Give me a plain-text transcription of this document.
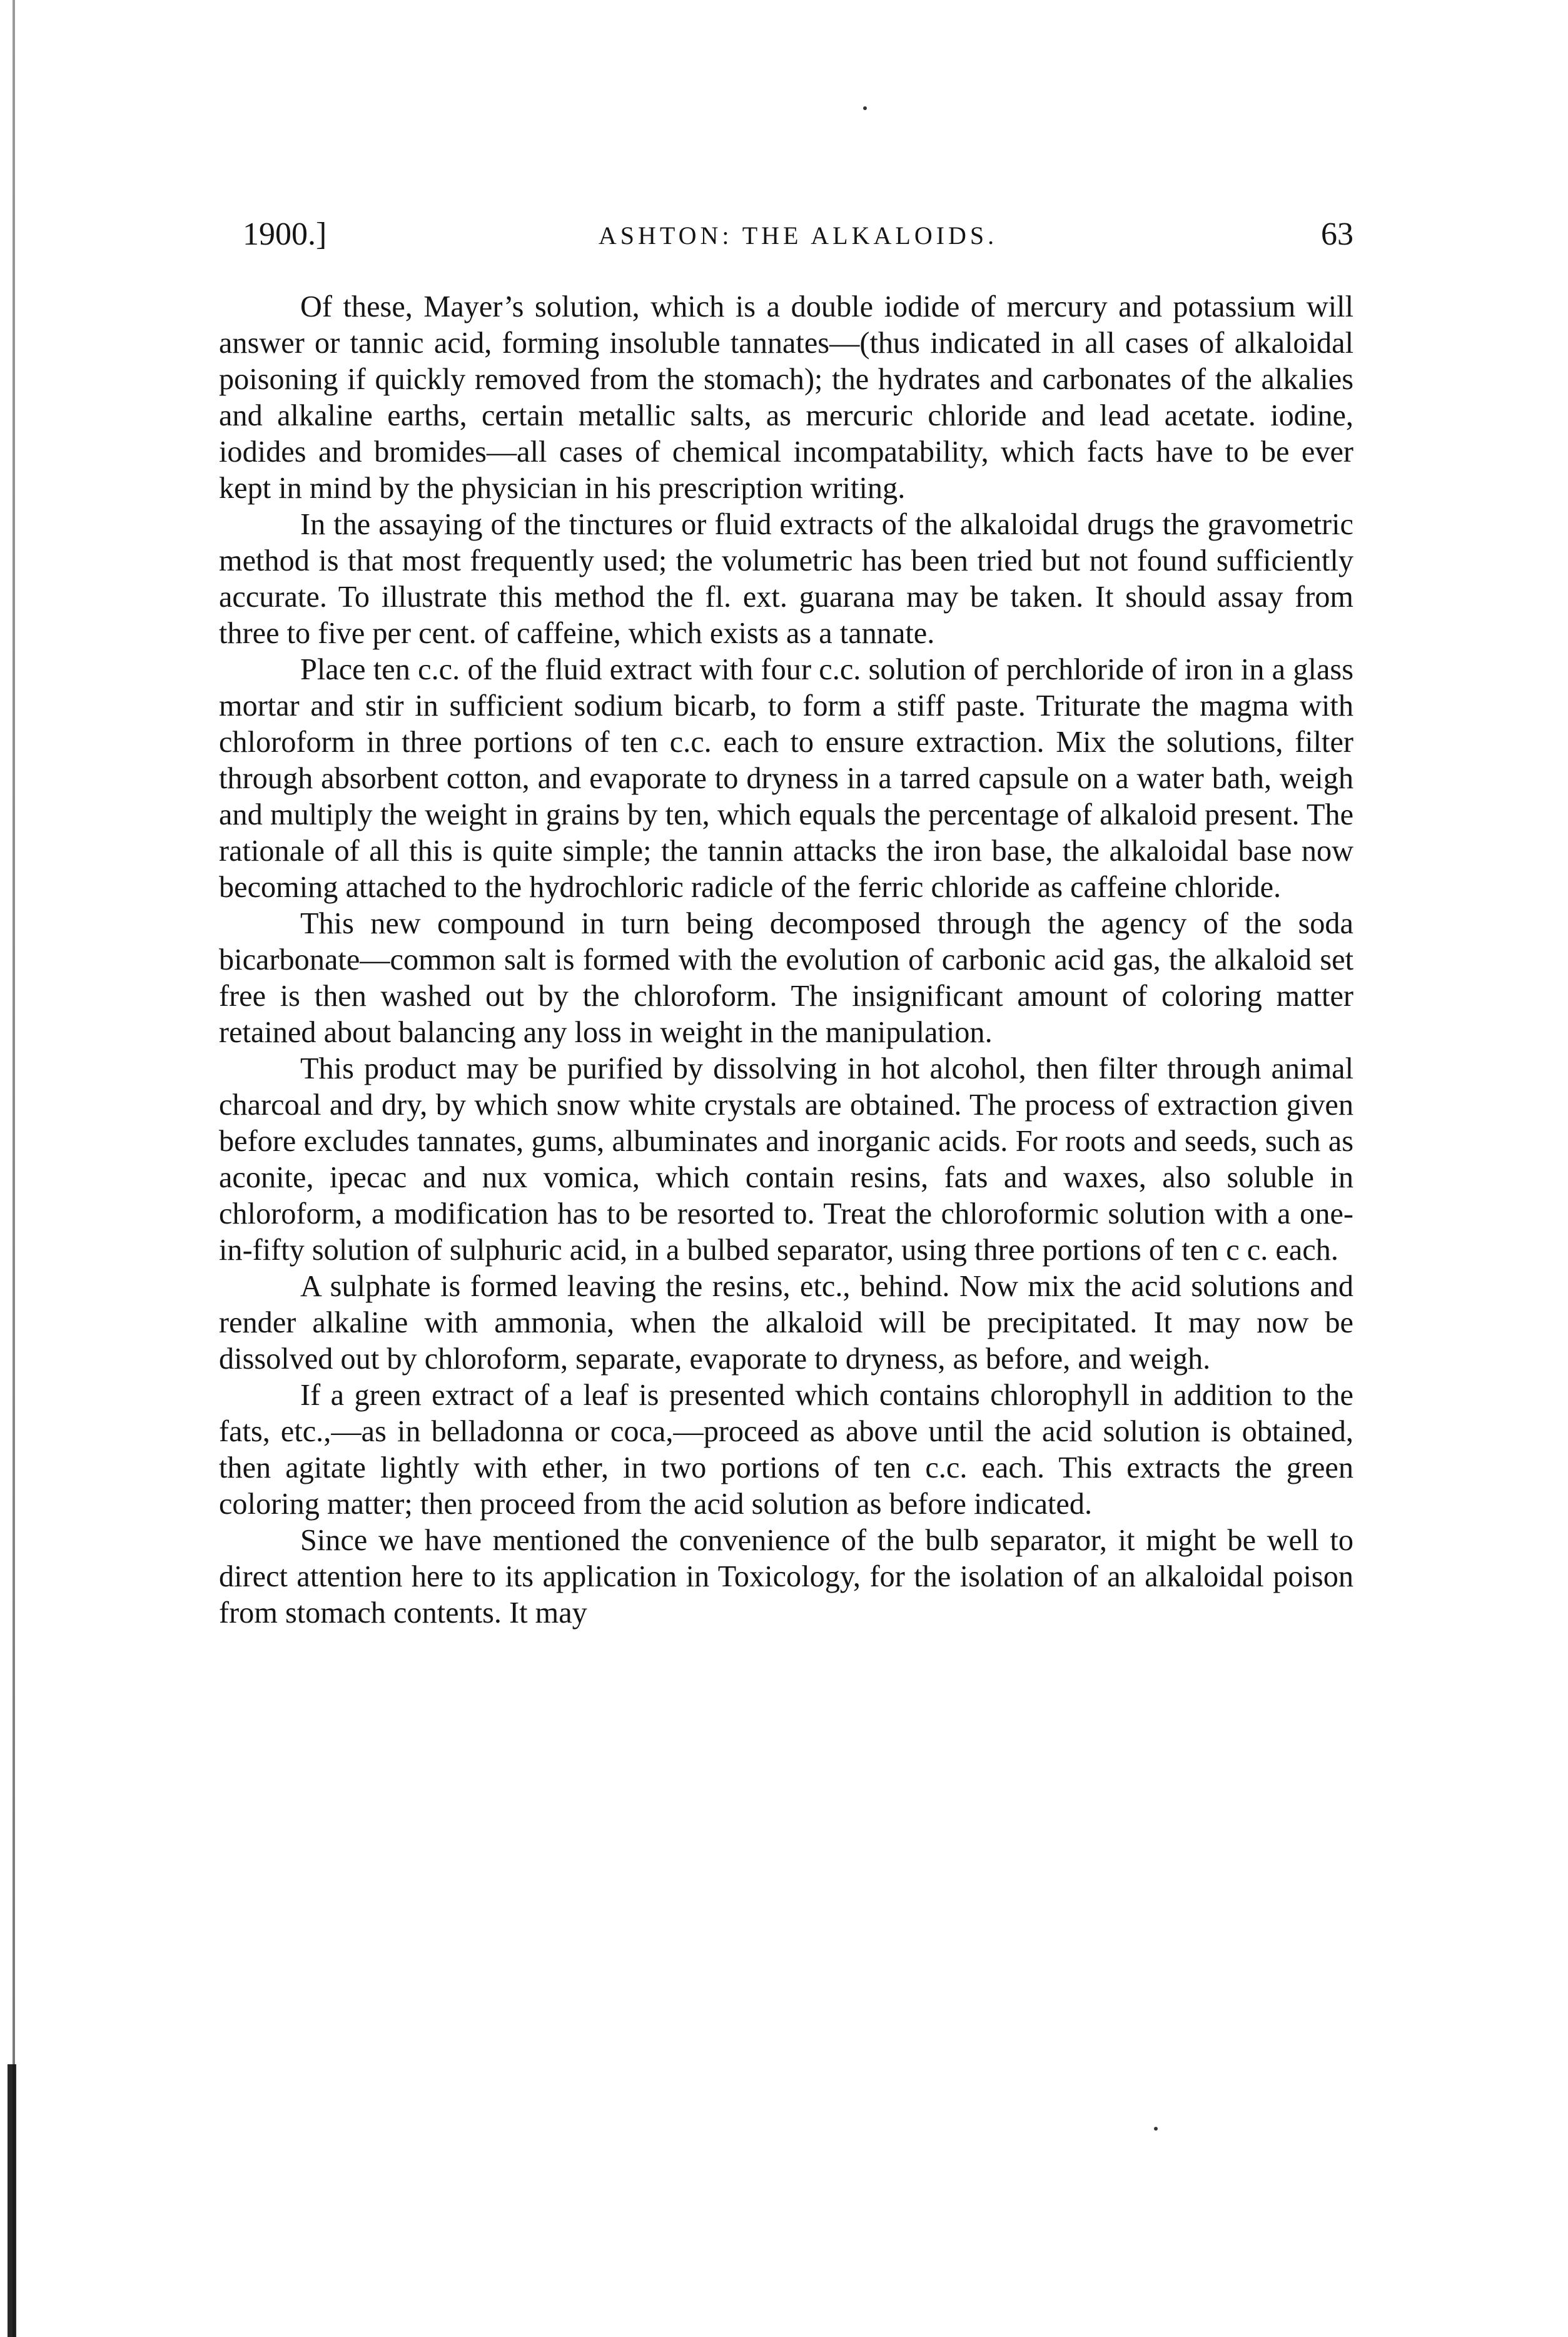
1900.]	ASHTON: THE ALKALOIDS.	63

Of these, Mayer’s solution, which is a double iodide of mercury and potassium will answer or tannic acid, forming insoluble tannates—(thus indicated in all cases of alkaloidal poisoning if quickly removed from the stomach); the hydrates and carbonates of the alkalies and alkaline earths, certain metallic salts, as mercuric chloride and lead acetate. iodine, iodides and bromides—all cases of chemical incompatability, which facts have to be ever kept in mind by the physician in his prescription writing.

In the assaying of the tinctures or fluid extracts of the alkaloidal drugs the gravometric method is that most frequently used; the volumetric has been tried but not found sufficiently accurate. To illustrate this method the fl. ext. guarana may be taken. It should assay from three to five per cent. of caffeine, which exists as a tannate.

Place ten c.c. of the fluid extract with four c.c. solution of perchloride of iron in a glass mortar and stir in sufficient sodium bicarb, to form a stiff paste. Triturate the magma with chloroform in three portions of ten c.c. each to ensure extraction. Mix the solutions, filter through absorbent cotton, and evaporate to dryness in a tarred capsule on a water bath, weigh and multiply the weight in grains by ten, which equals the percentage of alkaloid present. The rationale of all this is quite simple; the tannin attacks the iron base, the alkaloidal base now becoming attached to the hydrochloric radicle of the ferric chloride as caffeine chloride.

This new compound in turn being decomposed through the agency of the soda bicarbonate—common salt is formed with the evolution of carbonic acid gas, the alkaloid set free is then washed out by the chloroform. The insignificant amount of coloring matter retained about balancing any loss in weight in the manipulation.

This product may be purified by dissolving in hot alcohol, then filter through animal charcoal and dry, by which snow white crystals are obtained. The process of extraction given before excludes tannates, gums, albuminates and inorganic acids. For roots and seeds, such as aconite, ipecac and nux vomica, which contain resins, fats and waxes, also soluble in chloroform, a modification has to be resorted to. Treat the chloroformic solution with a one-in-fifty solution of sulphuric acid, in a bulbed separator, using three portions of ten c c. each.

A sulphate is formed leaving the resins, etc., behind. Now mix the acid solutions and render alkaline with ammonia, when the alkaloid will be precipitated. It may now be dissolved out by chloroform, separate, evaporate to dryness, as before, and weigh.

If a green extract of a leaf is presented which contains chlorophyll in addition to the fats, etc.,—as in belladonna or coca,—proceed as above until the acid solution is obtained, then agitate lightly with ether, in two portions of ten c.c. each. This extracts the green coloring matter; then proceed from the acid solution as before indicated.

Since we have mentioned the convenience of the bulb separator, it might be well to direct attention here to its application in Toxicology, for the isolation of an alkaloidal poison from stomach contents. It may
